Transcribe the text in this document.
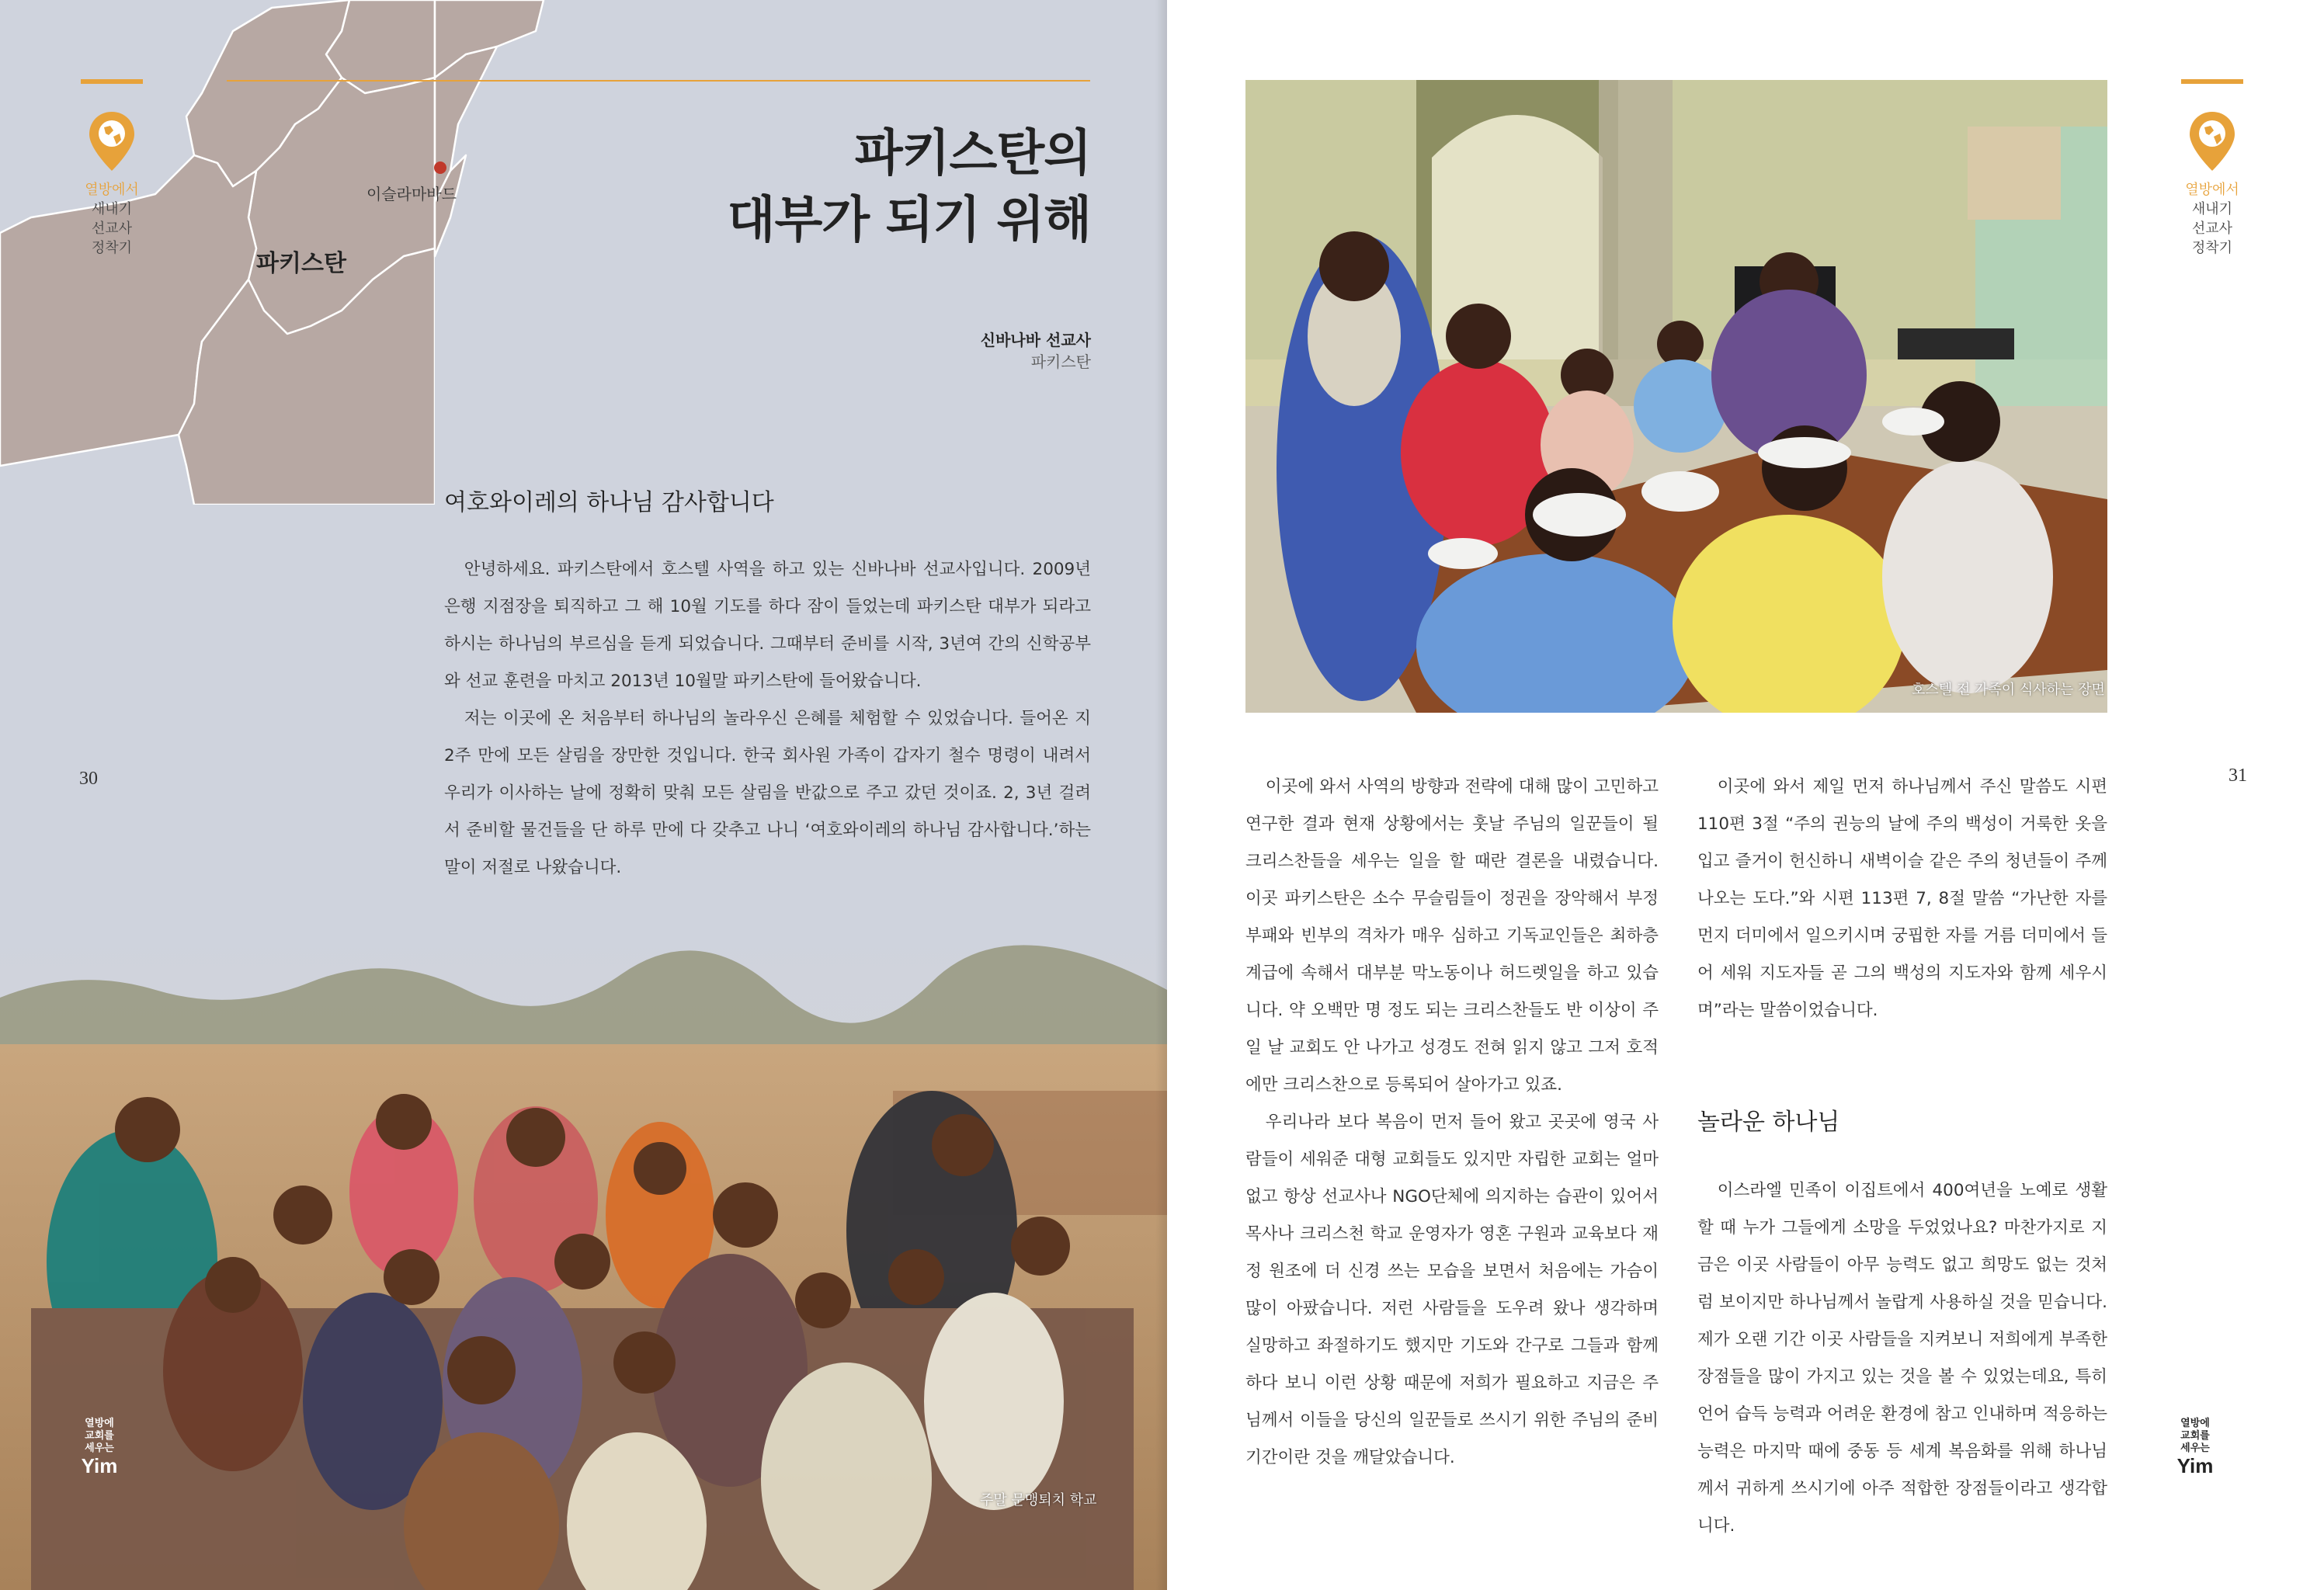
이슬라마바드
파키스탄
열방에서
새내기
선교사
정착기
파키스탄의
대부가 되기 위해
신바나바 선교사
파키스탄
여호와이레의 하나님 감사합니다

안녕하세요. 파키스탄에서 호스텔 사역을 하고 있는 신바나바 선교사입니다. 2009년 은행 지점장을 퇴직하고 그 해 10월 기도를 하다 잠이 들었는데 파키스탄 대부가 되라고 하시는 하나님의 부르심을 듣게 되었습니다. 그때부터 준비를 시작, 3년여 간의 신학공부와 선교 훈련을 마치고 2013년 10월말 파키스탄에 들어왔습니다.

저는 이곳에 온 처음부터 하나님의 놀라우신 은혜를 체험할 수 있었습니다. 들어온 지 2주 만에 모든 살림을 장만한 것입니다. 한국 회사원 가족이 갑자기 철수 명령이 내려서 우리가 이사하는 날에 정확히 맞춰 모든 살림을 반값으로 주고 갔던 것이죠. 2, 3년 걸려서 준비할 물건들을 단 하루 만에 다 갖추고 나니 ‘여호와이레의 하나님 감사합니다.’하는 말이 저절로 나왔습니다.

30
주말 문맹퇴치 학교
열방에
교회를
세우는
Yim
호스텔 전 가족이 식사하는 장면
열방에서
새내기
선교사
정착기
31

이곳에 와서 사역의 방향과 전략에 대해 많이 고민하고 연구한 결과 현재 상황에서는 훗날 주님의 일꾼들이 될 크리스찬들을 세우는 일을 할 때란 결론을 내렸습니다. 이곳 파키스탄은 소수 무슬림들이 정권을 장악해서 부정부패와 빈부의 격차가 매우 심하고 기독교인들은 최하층 계급에 속해서 대부분 막노동이나 허드렛일을 하고 있습니다. 약 오백만 명 정도 되는 크리스찬들도 반 이상이 주일 날 교회도 안 나가고 성경도 전혀 읽지 않고 그저 호적에만 크리스찬으로 등록되어 살아가고 있죠.

우리나라 보다 복음이 먼저 들어 왔고 곳곳에 영국 사람들이 세워준 대형 교회들도 있지만 자립한 교회는 얼마 없고 항상 선교사나 NGO단체에 의지하는 습관이 있어서 목사나 크리스천 학교 운영자가 영혼 구원과 교육보다 재정 원조에 더 신경 쓰는 모습을 보면서 처음에는 가슴이 많이 아팠습니다. 저런 사람들을 도우려 왔나 생각하며 실망하고 좌절하기도 했지만 기도와 간구로 그들과 함께하다 보니 이런 상황 때문에 저희가 필요하고 지금은 주님께서 이들을 당신의 일꾼들로 쓰시기 위한 주님의 준비기간이란 것을 깨달았습니다.

이곳에 와서 제일 먼저 하나님께서 주신 말씀도 시편 110편 3절 “주의 권능의 날에 주의 백성이 거룩한 옷을 입고 즐거이 헌신하니 새벽이슬 같은 주의 청년들이 주께 나오는 도다.”와 시편 113편 7, 8절 말씀 “가난한 자를 먼지 더미에서 일으키시며 궁핍한 자를 거름 더미에서 들어 세워 지도자들 곧 그의 백성의 지도자와 함께 세우시며”라는 말씀이었습니다.

놀라운 하나님

이스라엘 민족이 이집트에서 400여년을 노예로 생활할 때 누가 그들에게 소망을 두었었나요? 마찬가지로 지금은 이곳 사람들이 아무 능력도 없고 희망도 없는 것처럼 보이지만 하나님께서 놀랍게 사용하실 것을 믿습니다. 제가 오랜 기간 이곳 사람들을 지켜보니 저희에게 부족한 장점들을 많이 가지고 있는 것을 볼 수 있었는데요, 특히 언어 습득 능력과 어려운 환경에 참고 인내하며 적응하는 능력은 마지막 때에 중동 등 세계 복음화를 위해 하나님께서 귀하게 쓰시기에 아주 적합한 장점들이라고 생각합니다.

열방에
교회를
세우는
Yim
